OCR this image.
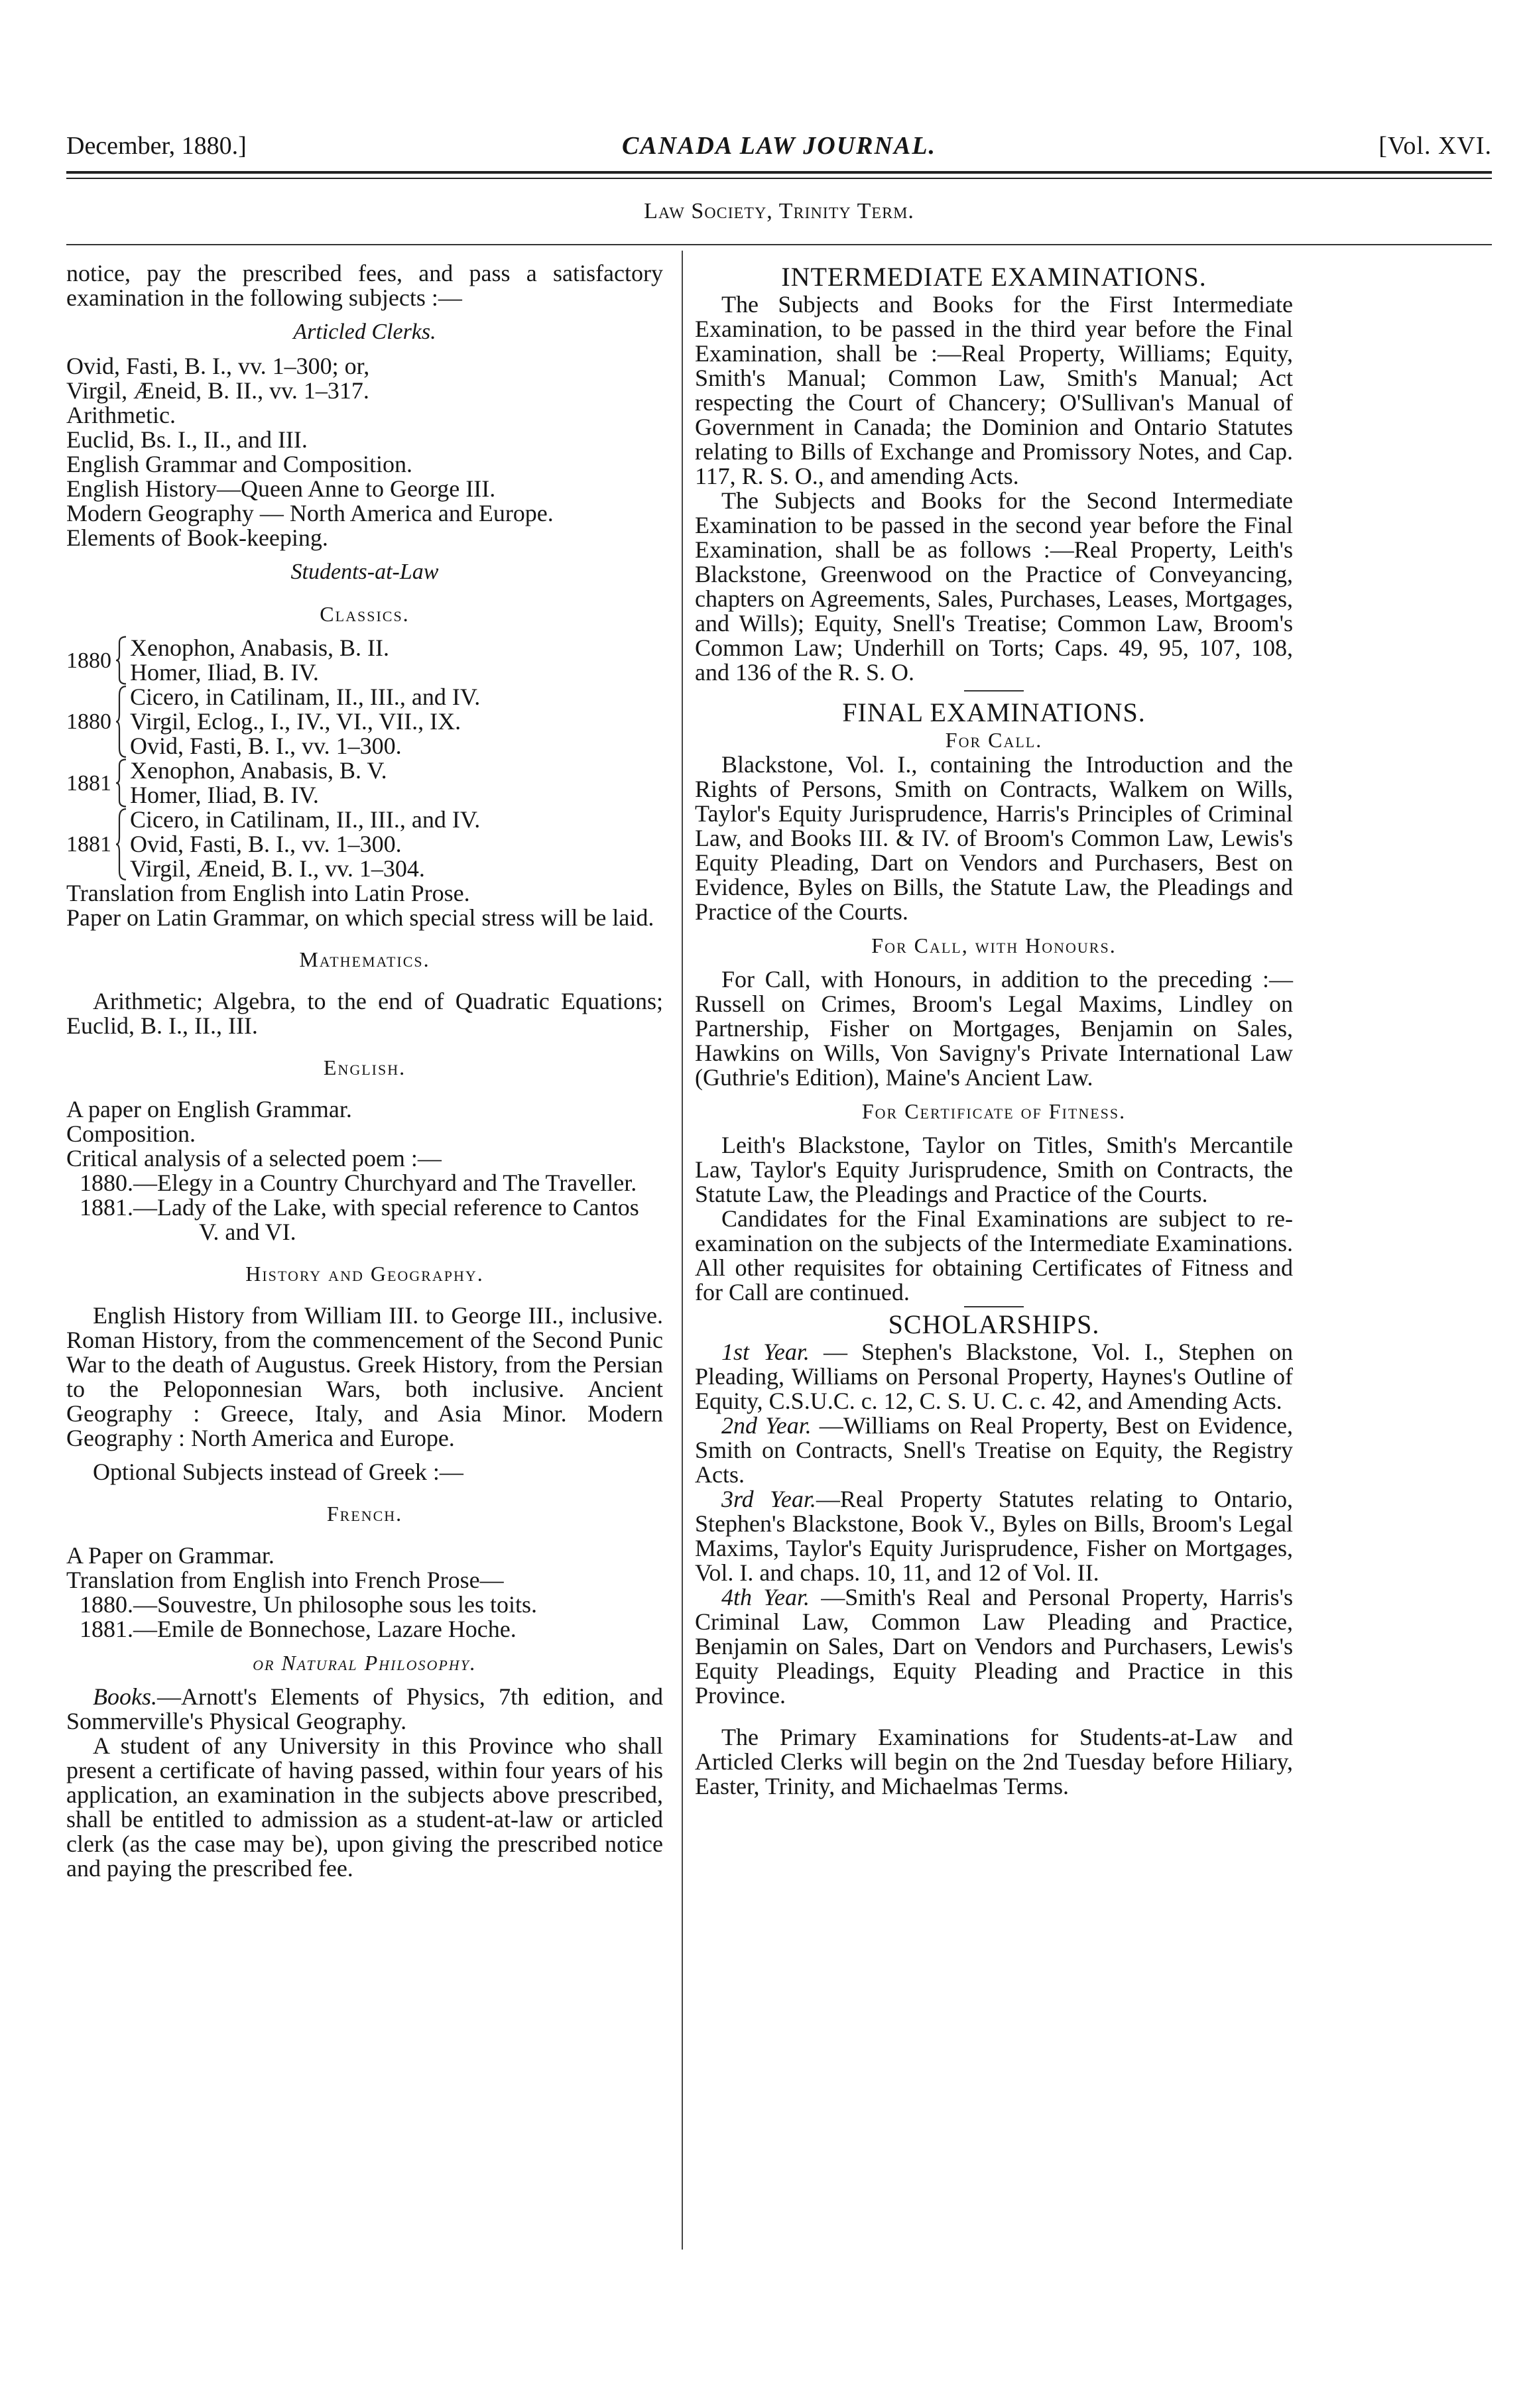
December, 1880.]	CANADA LAW JOURNAL.	[Vol. XVI.
Law Society, Trinity Term.

notice, pay the prescribed fees, and pass a satisfactory examination in the following subjects :—

Articled Clerks.

Ovid, Fasti, B. I., vv. 1–300; or,

Virgil, Æneid, B. II., vv. 1–317.

Arithmetic.

Euclid, Bs. I., II., and III.

English Grammar and Composition.

English History—Queen Anne to George III.

Modern Geography — North America and Europe.

Elements of Book-keeping.

Students-at-Law

Classics.

1880 Xenophon, Anabasis, B. II.
Homer, Iliad, B. IV.
1880
Cicero, in Catilinam, II., III., and IV.
Virgil, Eclog., I., IV., VI., VII., IX.
Ovid, Fasti, B. I., vv. 1–300.
1881 Xenophon, Anabasis, B. V.
Homer, Iliad, B. IV.
1881
Cicero, in Catilinam, II., III., and IV.
Ovid, Fasti, B. I., vv. 1–300.
Virgil, Æneid, B. I., vv. 1–304.

Translation from English into Latin Prose.

Paper on Latin Grammar, on which special stress will be laid.

Mathematics.

Arithmetic; Algebra, to the end of Quadratic Equations; Euclid, B. I., II., III.

English.

A paper on English Grammar.

Composition.

Critical analysis of a selected poem :—

1880.—Elegy in a Country Churchyard and The Traveller.

1881.—Lady of the Lake, with special reference to Cantos V. and VI.

History and Geography.

English History from William III. to George III., inclusive. Roman History, from the commencement of the Second Punic War to the death of Augustus. Greek History, from the Persian to the Peloponnesian Wars, both inclusive. Ancient Geography : Greece, Italy, and Asia Minor. Modern Geography : North America and Europe.

Optional Subjects instead of Greek :—

French.

A Paper on Grammar.

Translation from English into French Prose—

1880.—Souvestre, Un philosophe sous les toits.

1881.—Emile de Bonnechose, Lazare Hoche.

or Natural Philosophy.

Books.—Arnott's Elements of Physics, 7th edition, and Sommerville's Physical Geography.

A student of any University in this Province who shall present a certificate of having passed, within four years of his application, an examination in the subjects above prescribed, shall be entitled to admission as a student-at-law or articled clerk (as the case may be), upon giving the prescribed notice and paying the prescribed fee.

INTERMEDIATE EXAMINATIONS.

The Subjects and Books for the First Intermediate Examination, to be passed in the third year before the Final Examination, shall be :—Real Property, Williams; Equity, Smith's Manual; Common Law, Smith's Manual; Act respecting the Court of Chancery; O'Sullivan's Manual of Government in Canada; the Dominion and Ontario Statutes relating to Bills of Exchange and Promissory Notes, and Cap. 117, R. S. O., and amending Acts.

The Subjects and Books for the Second Intermediate Examination to be passed in the second year before the Final Examination, shall be as follows :—Real Property, Leith's Blackstone, Greenwood on the Practice of Conveyancing, chapters on Agreements, Sales, Purchases, Leases, Mortgages, and Wills); Equity, Snell's Treatise; Common Law, Broom's Common Law; Underhill on Torts; Caps. 49, 95, 107, 108, and 136 of the R. S. O.

FINAL EXAMINATIONS.

For Call.

Blackstone, Vol. I., containing the Introduction and the Rights of Persons, Smith on Contracts, Walkem on Wills, Taylor's Equity Jurisprudence, Harris's Principles of Criminal Law, and Books III. & IV. of Broom's Common Law, Lewis's Equity Pleading, Dart on Vendors and Purchasers, Best on Evidence, Byles on Bills, the Statute Law, the Pleadings and Practice of the Courts.

For Call, with Honours.

For Call, with Honours, in addition to the preceding :—Russell on Crimes, Broom's Legal Maxims, Lindley on Partnership, Fisher on Mortgages, Benjamin on Sales, Hawkins on Wills, Von Savigny's Private International Law (Guthrie's Edition), Maine's Ancient Law.

For Certificate of Fitness.

Leith's Blackstone, Taylor on Titles, Smith's Mercantile Law, Taylor's Equity Jurisprudence, Smith on Contracts, the Statute Law, the Pleadings and Practice of the Courts.

Candidates for the Final Examinations are subject to re-examination on the subjects of the Intermediate Examinations. All other requisites for obtaining Certificates of Fitness and for Call are continued.

SCHOLARSHIPS.

1st Year. — Stephen's Blackstone, Vol. I., Stephen on Pleading, Williams on Personal Property, Haynes's Outline of Equity, C.S.U.C. c. 12, C. S. U. C. c. 42, and Amending Acts.

2nd Year. —Williams on Real Property, Best on Evidence, Smith on Contracts, Snell's Treatise on Equity, the Registry Acts.

3rd Year.—Real Property Statutes relating to Ontario, Stephen's Blackstone, Book V., Byles on Bills, Broom's Legal Maxims, Taylor's Equity Jurisprudence, Fisher on Mortgages, Vol. I. and chaps. 10, 11, and 12 of Vol. II.

4th Year. —Smith's Real and Personal Property, Harris's Criminal Law, Common Law Pleading and Practice, Benjamin on Sales, Dart on Vendors and Purchasers, Lewis's Equity Pleadings, Equity Pleading and Practice in this Province.

The Primary Examinations for Students-at-Law and Articled Clerks will begin on the 2nd Tuesday before Hiliary, Easter, Trinity, and Michaelmas Terms.
